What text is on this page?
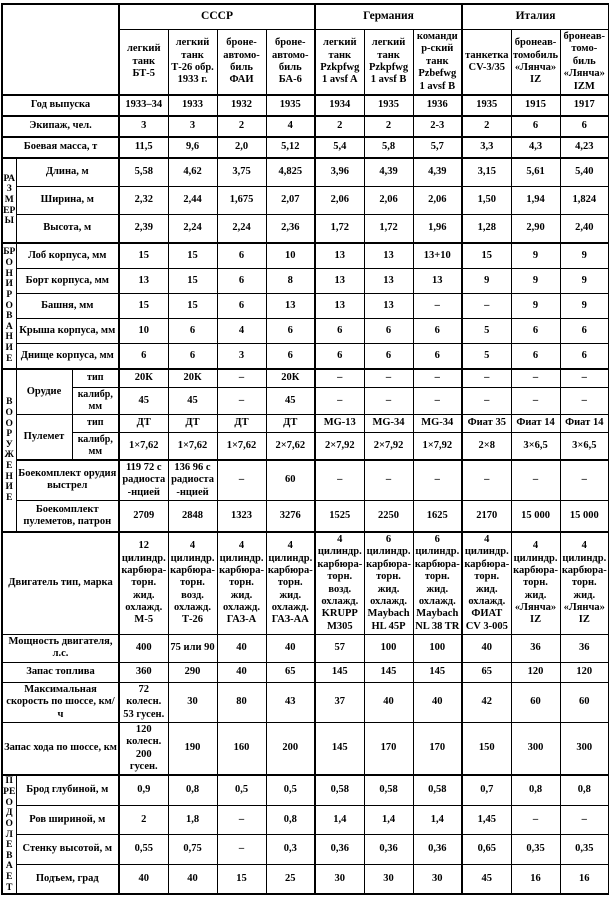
			СССР				Германия			Италия		
			легкий танк БТ-5	легкий танк Т-26 обр. 1933 г.	броне-автомо-биль ФАИ	броне-автомо-биль БА-6	легкий танк Pzkpfwg 1 avsf A	легкий танк Pzkpfwg 1 avsf B	командир-ский танк Pzbefwg 1 avsf B	танкетка CV-3/35	бронеав-томобиль «Лянча» IZ	бронеав-томо-биль «Лянча» IZM
Год выпуска			1933–34	1933	1932	1935	1934	1935	1936	1935	1915	1917
Экипаж, чел.			3	3	2	4	2	2	2-3	2	6	6
Боевая масса, т			11,5	9,6	2,0	5,12	5,4	5,8	5,7	3,3	4,3	4,23
РАЗМЕРЫ	Длина, м		5,58	4,62	3,75	4,825	3,96	4,39	4,39	3,15	5,61	5,40
	Ширина, м		2,32	2,44	1,675	2,07	2,06	2,06	2,06	1,50	1,94	1,824
	Высота, м		2,39	2,24	2,24	2,36	1,72	1,72	1,96	1,28	2,90	2,40
БРОНИРОВАНИЕ	Лоб корпуса, мм		15	15	6	10	13	13	13+10	15	9	9
	Борт корпуса, мм		13	15	6	8	13	13	13	9	9	9
	Башня, мм		15	15	6	13	13	13	–	–	9	9
	Крыша корпуса, мм		10	6	4	6	6	6	6	5	6	6
	Днище корпуса, мм		6	6	3	6	6	6	6	5	6	6
ВООРУЖЕНИЕ	Орудие	тип	20К	20К	–	20К	–	–	–	–	–	–
		калибр, мм	45	45	–	45	–	–	–	–	–	–
	Пулемет	тип	ДТ	ДТ	ДТ	ДТ	MG-13	MG-34	MG-34	Фиат 35	Фиат 14	Фиат 14
		калибр, мм	1×7,62	1×7,62	1×7,62	2×7,62	2×7,92	2×7,92	1×7,92	2×8	3×6,5	3×6,5
	Боекомплект орудия выстрел		119 72 с радиоста-нцией	136 96 с радиоста-нцией	–	60	–	–	–	–	–	–
	Боекомплект пулеметов, патрон		2709	2848	1323	3276	1525	2250	1625	2170	15 000	15 000
Двигатель тип, марка			12 цилиндр. карбюра-торн. жид. охлажд. М-5	4 цилиндр. карбюра-торн. возд. охлажд. Т-26	4 цилиндр. карбюра-торн. жид. охлажд. ГАЗ-А	4 цилиндр. карбюра-торн. жид. охлажд. ГАЗ-АА	4 цилиндр. карбюра-торн. возд. охлажд. KRUPP M305	6 цилиндр. карбюра-торн. жид. охлажд. Maybach HL 45P	6 цилиндр. карбюра-торн. жид. охлажд. Maybach NL 38 TR	4 цилиндр. карбюра-торн. жид. охлажд. ФИАТ CV 3-005	4 цилиндр. карбюра-торн. жид. «Лянча» IZ	4 цилиндр. карбюра-торн. жид. «Лянча» IZ
Мощность двигателя, л.с.			400	75 или 90	40	40	57	100	100	40	36	36
Запас топлива			360	290	40	65	145	145	145	65	120	120
Максимальная скорость по шоссе, км/ч			72 колесн. 53 гусен.	30	80	43	37	40	40	42	60	60
Запас хода по шоссе, км			120 колесн. 200 гусен.	190	160	200	145	170	170	150	300	300
ПРЕОДОЛЕВАЕТ	Брод глубиной, м		0,9	0,8	0,5	0,5	0,58	0,58	0,58	0,7	0,8	0,8
	Ров шириной, м		2	1,8	–	0,8	1,4	1,4	1,4	1,45	–	–
	Стенку высотой, м		0,55	0,75	–	0,3	0,36	0,36	0,36	0,65	0,35	0,35
	Подъем, град		40	40	15	25	30	30	30	45	16	16
